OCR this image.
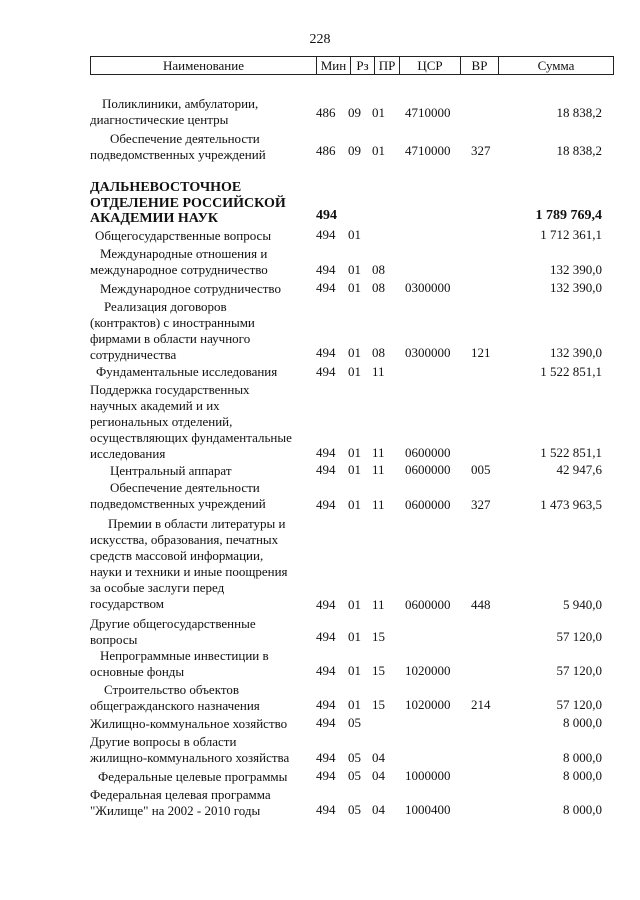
228
Наименование	Мин Рз ПР	ЦСР	ВР	Сумма
Поликлиники, амбулатории,
диагностические центры	486 09 01 4710000	18 838,2
Обеспечение деятельности
подведомственных учреждений	486 09 01 4710000 327	18 838,2
ДАЛЬНЕВОСТОЧНОЕ
ОТДЕЛЕНИЕ РОССИЙСКОЙ
АКАДЕМИИ НАУК	494	1 789 769,4
Общегосударственные вопросы	494 01	1 712 361,1
Международные отношения и
международное сотрудничество	494 01 08	132 390,0
Международное сотрудничество	494 01 08 0300000	132 390,0
Реализация договоров
(контрактов) с иностранными
фирмами в области научного
сотрудничества	494 01 08 0300000 121	132 390,0
Фундаментальные исследования	494 01 11	1 522 851,1
Поддержка государственных
научных академий и их
региональных отделений,
осуществляющих фундаментальные
исследования	494 01 11 0600000	1 522 851,1
Центральный аппарат	494 01 11 0600000 005	42 947,6
Обеспечение деятельности
подведомственных учреждений	494 01 11 0600000 327	1 473 963,5
Премии в области литературы и
искусства, образования, печатных
средств массовой информации,
науки и техники и иные поощрения
за особые заслуги перед
государством	494 01 11 0600000 448	5 940,0
Другие общегосударственные
вопросы	494 01 15	57 120,0
Непрограммные инвестиции в
основные фонды	494 01 15 1020000	57 120,0
Строительство объектов
общегражданского назначения	494 01 15 1020000 214	57 120,0
Жилищно-коммунальное хозяйство	494 05	8 000,0
Другие вопросы в области
жилищно-коммунального хозяйства	494 05 04	8 000,0
Федеральные целевые программы	494 05 04 1000000	8 000,0
Федеральная целевая программа
"Жилище" на 2002 - 2010 годы	494 05 04 1000400	8 000,0
